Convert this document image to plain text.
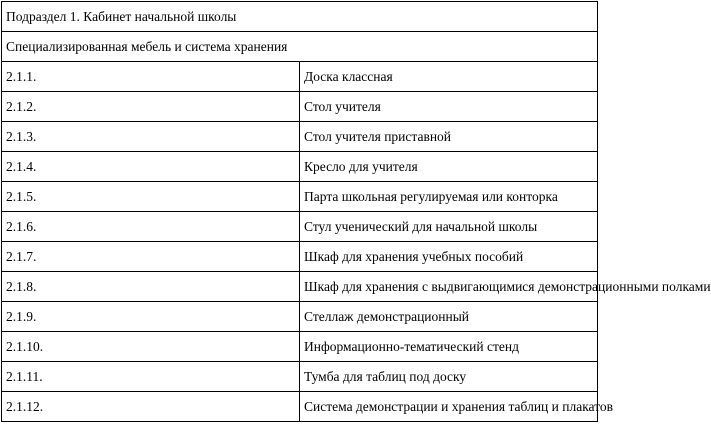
Подраздел 1. Кабинет начальной школы	
Специализированная мебель и система хранения	
2.1.1.	Доска классная
2.1.2.	Стол учителя
2.1.3.	Стол учителя приставной
2.1.4.	Кресло для учителя
2.1.5.	Парта школьная регулируемая или конторка
2.1.6.	Стул ученический для начальной школы
2.1.7.	Шкаф для хранения учебных пособий
2.1.8.	Шкаф для хранения с выдвигающимися демонстрационными полками
2.1.9.	Стеллаж демонстрационный
2.1.10.	Информационно-тематический стенд
2.1.11.	Тумба для таблиц под доску
2.1.12.	Система демонстрации и хранения таблиц и плакатов
